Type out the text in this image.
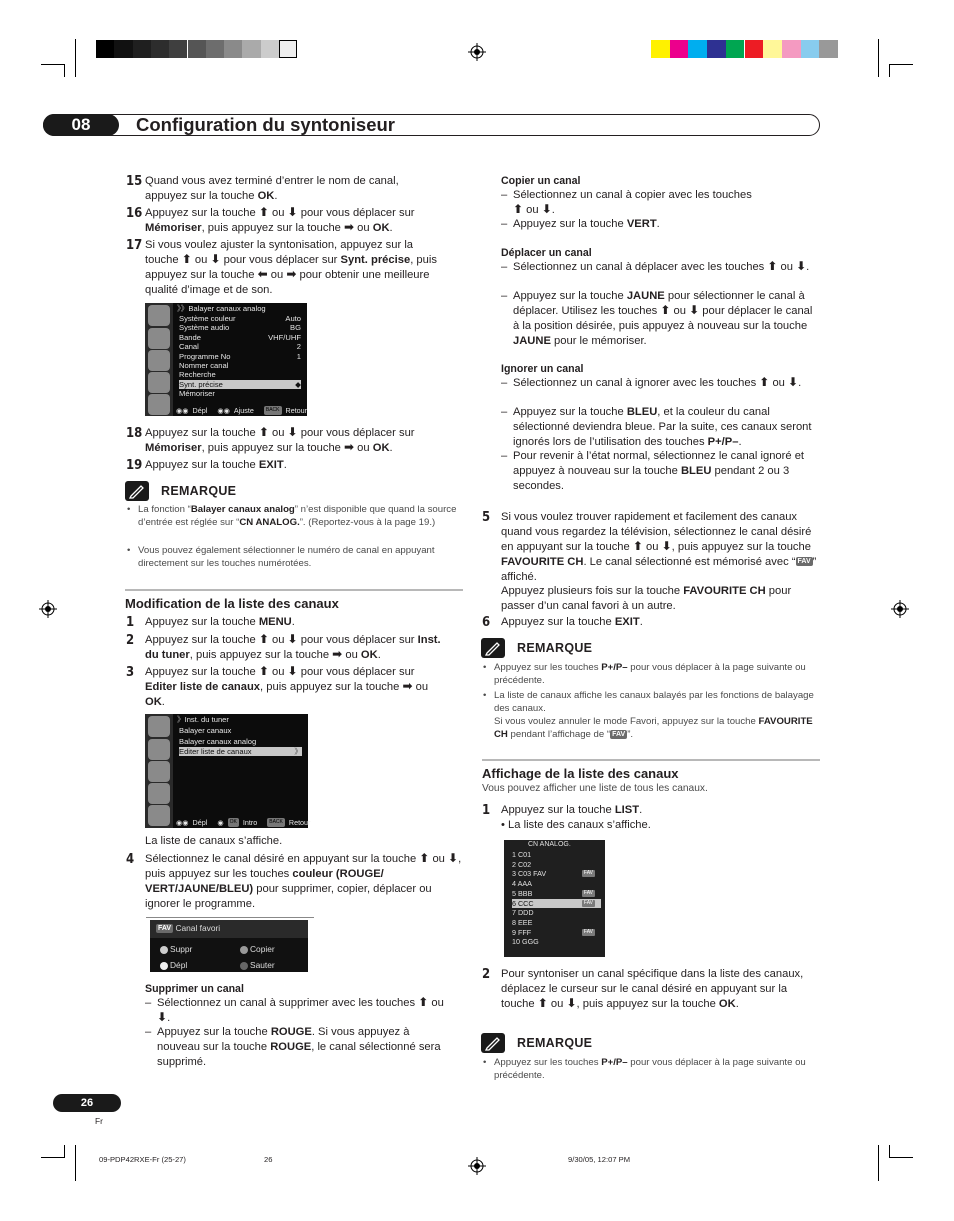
08	Configuration du syntoniseur
15 Quand vous avez terminé d’entrer le nom de canal, appuyez sur la touche OK.
16 Appuyez sur la touche ⬆ ou ⬇ pour vous déplacer sur Mémoriser, puis appuyez sur la touche ➡ ou OK.
17 Si vous voulez ajuster la syntonisation, appuyez sur la touche ⬆ ou ⬇ pour vous déplacer sur Synt. précise, puis appuyez sur la touche ⬅ ou ➡ pour obtenir une meilleure qualité d’image et de son.
》》Balayer canaux analog
◉◉ Dépl ◉◉ Ajuste	BACK Retour
Système couleur	Auto
Système audio	BG
Bande	VHF/UHF
Canal	2
Programme No	1
Nommer canal
Recherche
Synt. précise	◆
Mémoriser
18 Appuyez sur la touche ⬆ ou ⬇ pour vous déplacer sur Mémoriser, puis appuyez sur la touche ➡ ou OK.
19 Appuyez sur la touche EXIT.
REMARQUE
• La fonction “Balayer canaux analog” n’est disponible que quand la source d’entrée est réglée sur “CN ANALOG.”. (Reportez-vous à la page 19.)
• Vous pouvez également sélectionner le numéro de canal en appuyant directement sur les touches numérotées.
Modification de la liste des canaux
1 Appuyez sur la touche MENU.
2 Appuyez sur la touche ⬆ ou ⬇ pour vous déplacer sur Inst. du tuner, puis appuyez sur la touche ➡ ou OK.
3 Appuyez sur la touche ⬆ ou ⬇ pour vous déplacer sur Editer liste de canaux, puis appuyez sur la touche ➡ ou OK.
》Inst. du tuner
◉◉ Dépl ◉	OK Intro	BACK Retour
Balayer canaux
Balayer canaux analog
Editer liste de canaux	》
La liste de canaux s’affiche.
4 Sélectionnez le canal désiré en appuyant sur la touche ⬆ ou ⬇, puis appuyez sur les touches couleur (ROUGE/ VERT/JAUNE/BLEU) pour supprimer, copier, déplacer ou ignorer le programme.
FAV Canal favori
Suppr	Copier
Dépl	Sauter
Supprimer un canal
– Sélectionnez un canal à supprimer avec les touches ⬆ ou ⬇.
– Appuyez sur la touche ROUGE. Si vous appuyez à nouveau sur la touche ROUGE, le canal sélectionné sera supprimé.
Copier un canal
– Sélectionnez un canal à copier avec les touches
⬆ ou ⬇.
– Appuyez sur la touche VERT.
Déplacer un canal
– Sélectionnez un canal à déplacer avec les touches ⬆ ou ⬇.
– Appuyez sur la touche JAUNE pour sélectionner le canal à déplacer. Utilisez les touches ⬆ ou ⬇ pour déplacer le canal à la position désirée, puis appuyez à nouveau sur la touche JAUNE pour le mémoriser.
Ignorer un canal
– Sélectionnez un canal à ignorer avec les touches ⬆ ou ⬇.
– Appuyez sur la touche BLEU, et la couleur du canal sélectionné deviendra bleue. Par la suite, ces canaux seront ignorés lors de l’utilisation des touches P+/P–.
– Pour revenir à l’état normal, sélectionnez le canal ignoré et appuyez à nouveau sur la touche BLEU pendant 2 ou 3 secondes.
5 Si vous voulez trouver rapidement et facilement des canaux quand vous regardez la télévision, sélectionnez le canal désiré en appuyant sur la touche ⬆ ou ⬇, puis appuyez sur la touche FAVOURITE CH. Le canal sélectionné est mémorisé avec “ FAV ” affiché.
Appuyez plusieurs fois sur la touche FAVOURITE CH pour passer d’un canal favori à un autre.
6 Appuyez sur la touche EXIT.
REMARQUE
• Appuyez sur les touches P+/P– pour vous déplacer à la page suivante ou précédente.
• La liste de canaux affiche les canaux balayés par les fonctions de balayage des canaux.
Si vous voulez annuler le mode Favori, appuyez sur la touche FAVOURITE CH pendant l’affichage de “ FAV ”.
Affichage de la liste des canaux
Vous pouvez afficher une liste de tous les canaux.
1 Appuyez sur la touche LIST.
• La liste des canaux s’affiche.
CN ANALOG.
1 C01
2 C02
3 C03 FAV	FAV
4 AAA
5 BBB	FAV
6 CCC	FAV
7 DDD
8 EEE
9 FFF	FAV
10 GGG
2 Pour syntoniser un canal spécifique dans la liste des canaux, déplacez le curseur sur le canal désiré en appuyant sur la touche ⬆ ou ⬇, puis appuyez sur la touche OK.
REMARQUE
• Appuyez sur les touches P+/P– pour vous déplacer à la page suivante ou précédente.
26
Fr
09-PDP42RXE-Fr (25-27)	26	9/30/05, 12:07 PM
